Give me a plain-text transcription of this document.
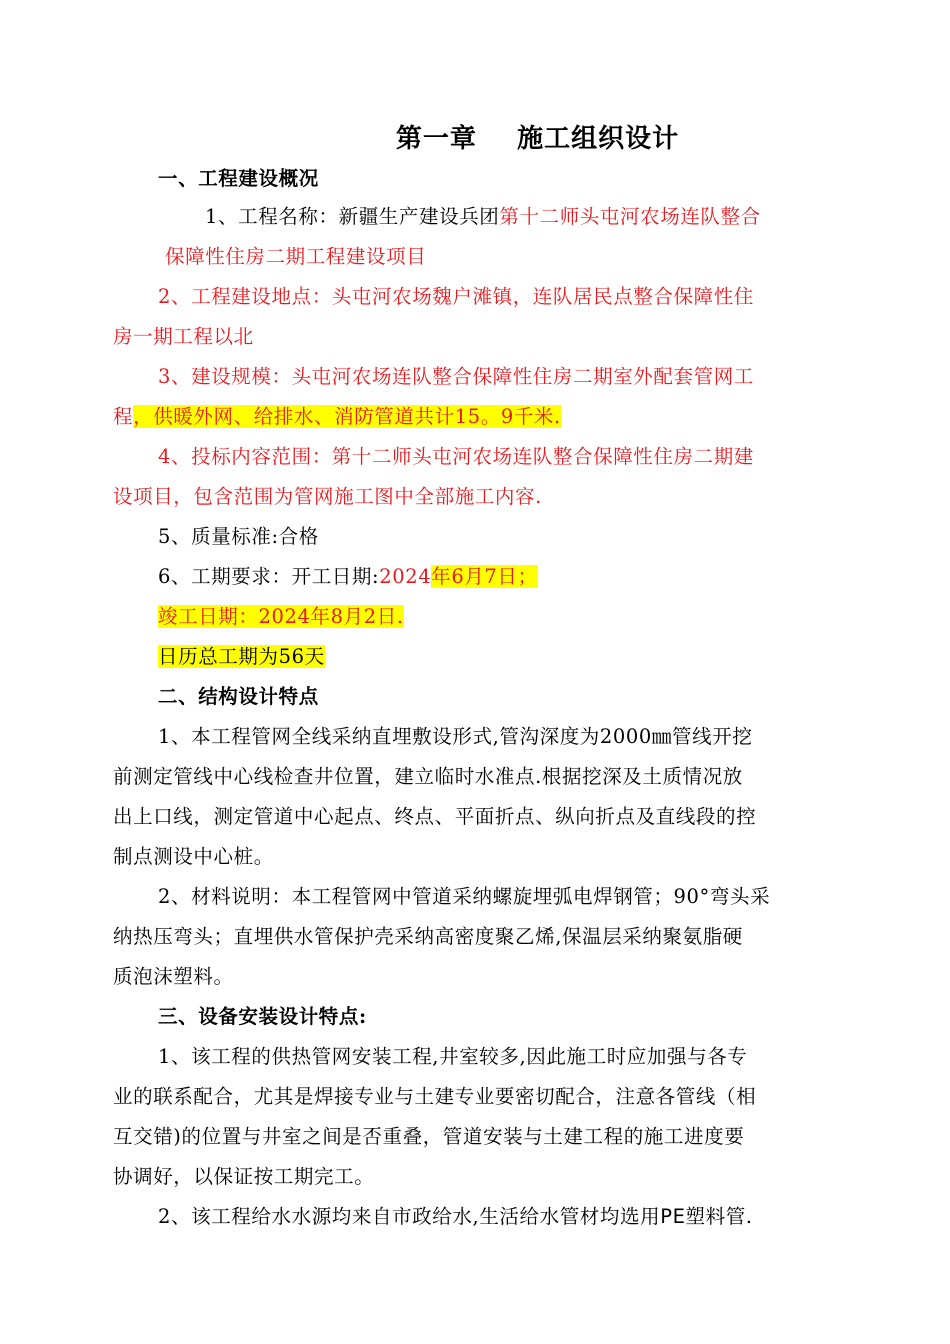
第一章    施工组织设计
一、工程建设概况
1、工程名称：新疆生产建设兵团第十二师头屯河农场连队整合
保障性住房二期工程建设项目
2、工程建设地点：头屯河农场魏户滩镇，连队居民点整合保障性住
房一期工程以北
3、建设规模：头屯河农场连队整合保障性住房二期室外配套管网工
程，供暖外网、给排水、消防管道共计15。9千米.
4、投标内容范围：第十二师头屯河农场连队整合保障性住房二期建
设项目，包含范围为管网施工图中全部施工内容.
5、质量标准:合格
6、工期要求：开工日期:2024年6月7日；
竣工日期：2024年8月2日.
日历总工期为56天
二、结构设计特点
1、本工程管网全线采纳直埋敷设形式,管沟深度为2000㎜管线开挖
前测定管线中心线检查井位置，建立临时水准点.根据挖深及土质情况放
出上口线，测定管道中心起点、终点、平面折点、纵向折点及直线段的控
制点测设中心桩。
2、材料说明：本工程管网中管道采纳螺旋埋弧电焊钢管；90°弯头采
纳热压弯头；直埋供水管保护壳采纳高密度聚乙烯,保温层采纳聚氨脂硬
质泡沫塑料。
三、设备安装设计特点:
1、该工程的供热管网安装工程,井室较多,因此施工时应加强与各专
业的联系配合，尤其是焊接专业与土建专业要密切配合，注意各管线（相
互交错)的位置与井室之间是否重叠，管道安装与土建工程的施工进度要
协调好，以保证按工期完工。
2、该工程给水水源均来自市政给水,生活给水管材均选用PE塑料管.
